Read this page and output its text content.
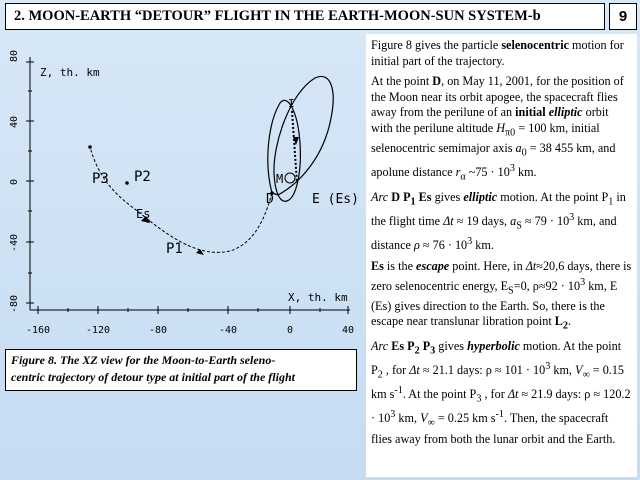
2. MOON-EARTH “DETOUR” FLIGHT IN THE EARTH-MOON-SUN SYSTEM-b	9
80
40
0
-40
-80
-160	-120	-80	-40	0	40
Z, th. km
X, th. km
P3 P2
Es
P1
D
M
I
E (Es)
Figure 8. The XZ view for the Moon-to-Earth seleno-
centric trajectory of detour type at initial part of the flight

Figure 8 gives the particle selenocentric motion for initial part of the trajectory.

At the point D, on May 11, 2001, for the position of the Moon near its orbit apogee, the spacecraft flies away from the perilune of an initial elliptic orbit with the perilune altitude $H_{\pi 0} = 100$ km, initial selenocentric semimajor axis $a_0 = 38$ 455 km, and apolune distance $r_\alpha$ ~75 · $10^3$ km.

Arc D $P_1$ Es gives elliptic motion. At the point $P_1$ in the flight time Δt ≈ 19 days, $a_S \approx 79 \cdot 10^3$ km, and distance $\rho \approx 76 \cdot 10^3$ km.

Es is the escape point. Here, in Δt≈20,6 days, there is zero selenocentric energy, $E_S=0$, $\rho\approx 92 \cdot 10^3$ km, E (Es) gives direction to the Earth. So, there is the escape near translunar libration point $L_2$.

Arc Es $P_2$ $P_3$ gives hyperbolic motion. At the point $P_2$ , for Δt ≈ 21.1 days: $\rho \approx 101 \cdot 10^3$ km, $V_\infty = 0.15$ km $s^{-1}$. At the point $P_3$ , for Δt ≈ 21.9 days: $\rho \approx 120.2 \cdot 10^3$ km, $V_\infty = 0.25$ km $s^{-1}$. Then, the spacecraft flies away from both the lunar orbit and the Earth.
